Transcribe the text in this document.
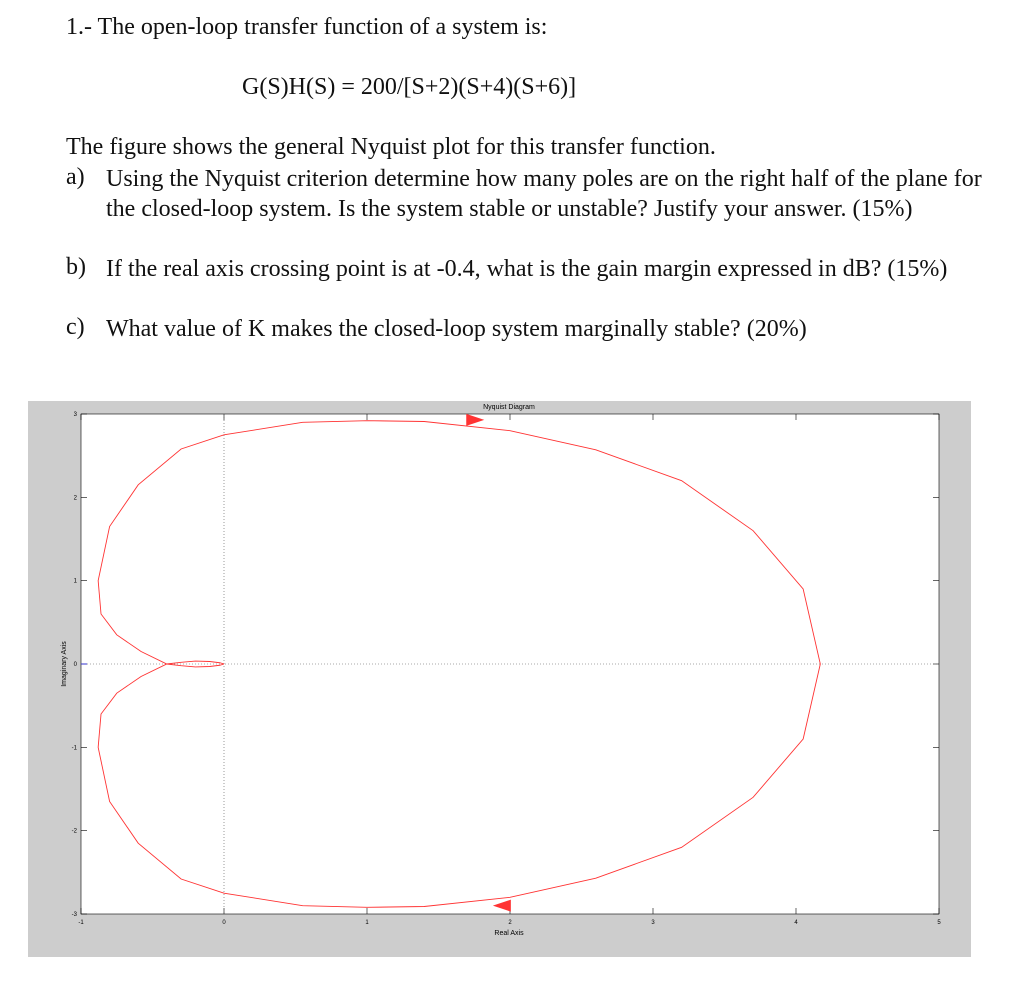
1.- The open-loop transfer function of a system is:
G(S)H(S) = 200/[S+2)(S+4)(S+6)]
The figure shows the general Nyquist plot for this transfer function.
a) Using the Nyquist criterion determine how many poles are on the right half of the plane for the closed-loop system. Is the system stable or unstable? Justify your answer. (15%)
b) If the real axis crossing point is at -0.4, what is the gain margin expressed in dB? (15%)
c) What value of K makes the closed-loop system marginally stable? (20%)
Nyquist Diagram
Real Axis
Imaginary Axis
-1	0	1	2	3	4	5
-3
-2
-1
0
1
2
3
